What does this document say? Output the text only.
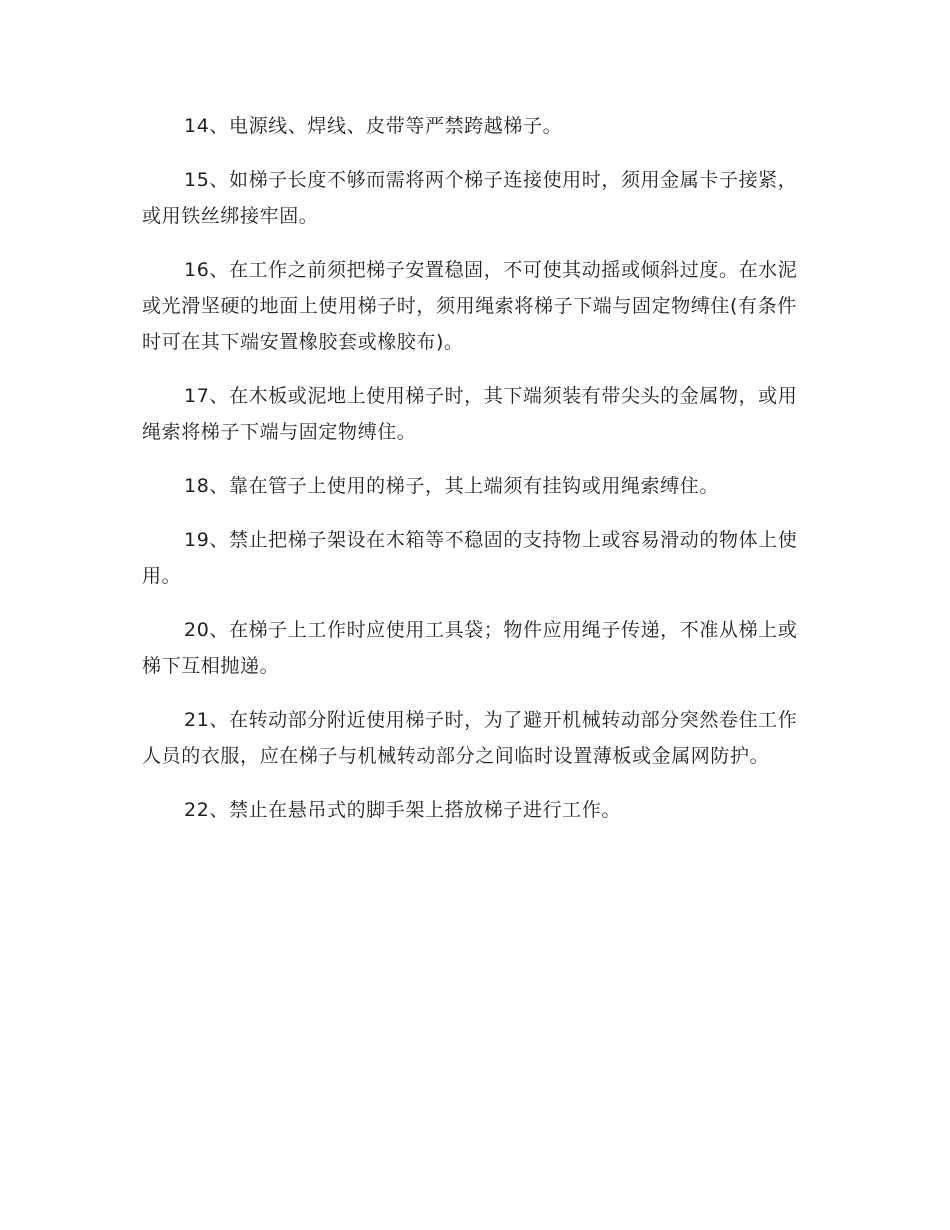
14、电源线、焊线、皮带等严禁跨越梯子。

15、如梯子长度不够而需将两个梯子连接使用时，须用金属卡子接紧，或用铁丝绑接牢固。

16、在工作之前须把梯子安置稳固，不可使其动摇或倾斜过度。在水泥或光滑坚硬的地面上使用梯子时，须用绳索将梯子下端与固定物缚住(有条件时可在其下端安置橡胶套或橡胶布)。

17、在木板或泥地上使用梯子时，其下端须装有带尖头的金属物，或用绳索将梯子下端与固定物缚住。

18、靠在管子上使用的梯子，其上端须有挂钩或用绳索缚住。

19、禁止把梯子架设在木箱等不稳固的支持物上或容易滑动的物体上使用。

20、在梯子上工作时应使用工具袋；物件应用绳子传递，不准从梯上或梯下互相抛递。

21、在转动部分附近使用梯子时，为了避开机械转动部分突然卷住工作人员的衣服，应在梯子与机械转动部分之间临时设置薄板或金属网防护。

22、禁止在悬吊式的脚手架上搭放梯子进行工作。
